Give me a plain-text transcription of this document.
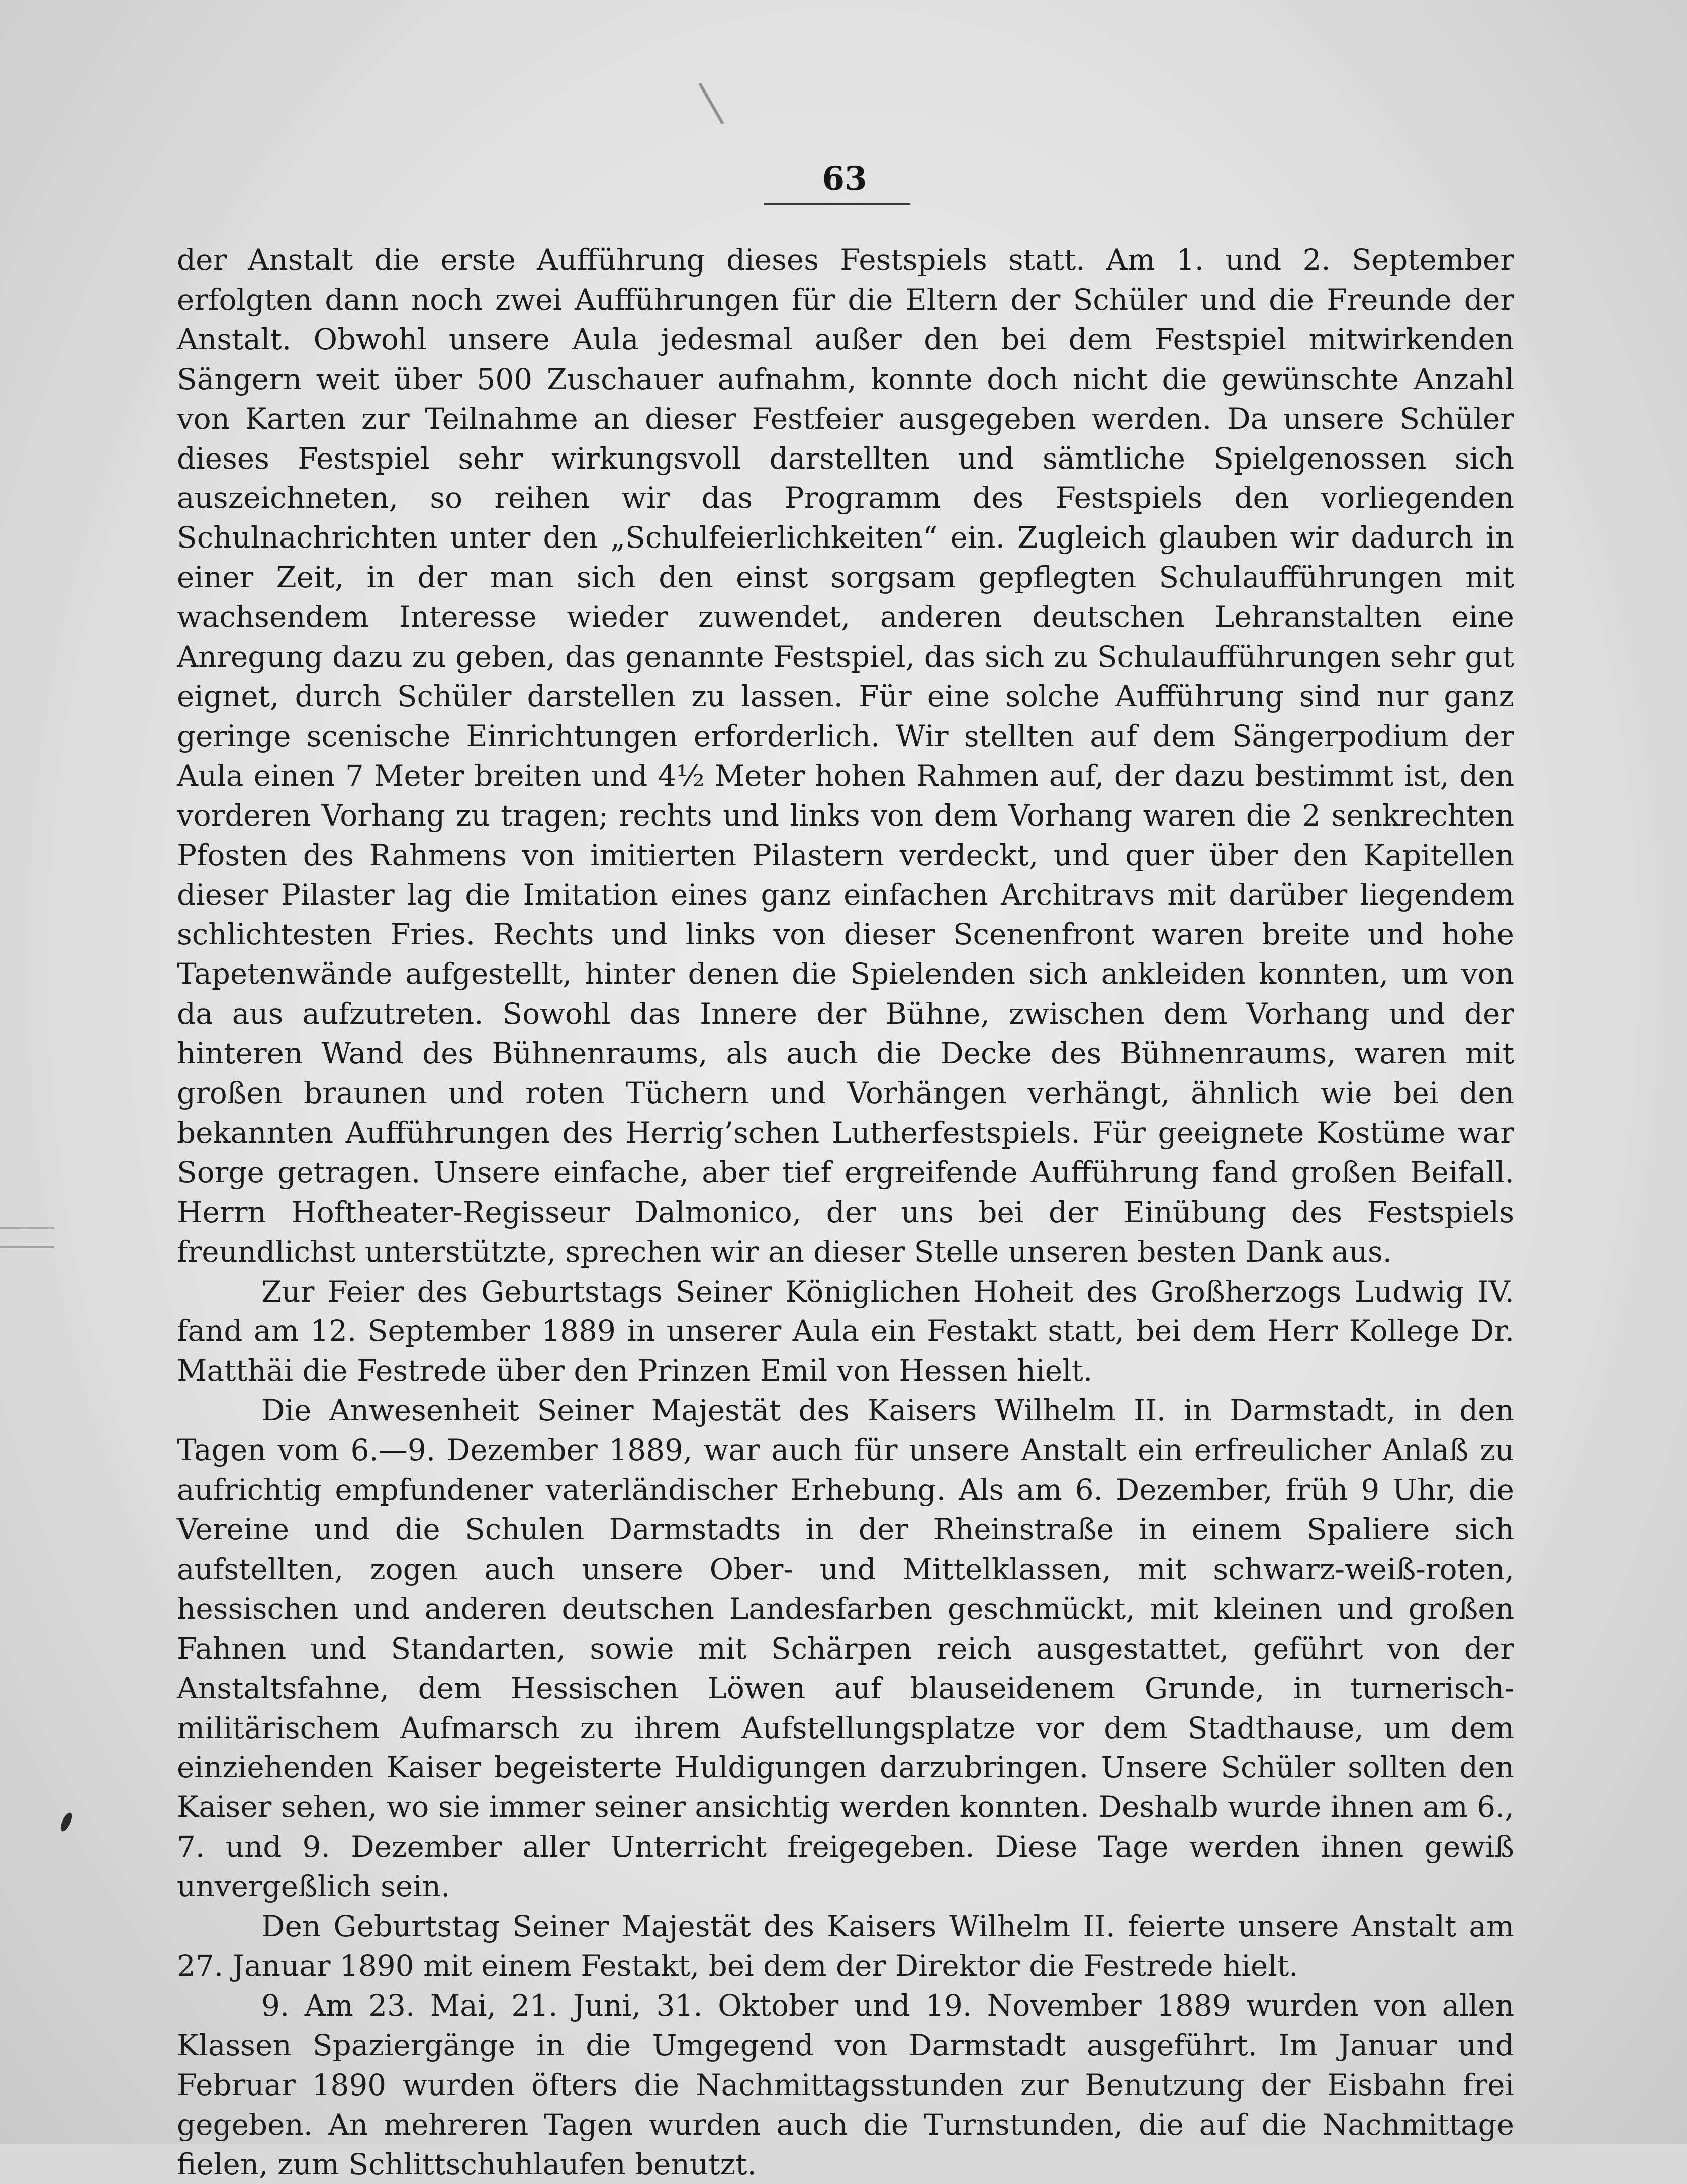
63

der Anstalt die erste Aufführung dieses Festspiels statt. Am 1. und 2. September erfolgten dann noch zwei Aufführungen für die Eltern der Schüler und die Freunde der Anstalt. Obwohl unsere Aula jedesmal außer den bei dem Festspiel mitwirkenden Sängern weit über 500 Zuschauer aufnahm, konnte doch nicht die gewünschte Anzahl von Karten zur Teilnahme an dieser Festfeier ausgegeben werden. Da unsere Schüler dieses Festspiel sehr wirkungsvoll darstellten und sämtliche Spielgenossen sich auszeichneten, so reihen wir das Programm des Festspiels den vorliegenden Schulnachrichten unter den „Schulfeierlichkeiten“ ein. Zugleich glauben wir dadurch in einer Zeit, in der man sich den einst sorgsam gepflegten Schulaufführungen mit wachsendem Interesse wieder zuwendet, anderen deutschen Lehranstalten eine Anregung dazu zu geben, das genannte Festspiel, das sich zu Schulaufführungen sehr gut eignet, durch Schüler darstellen zu lassen. Für eine solche Aufführung sind nur ganz geringe scenische Einrichtungen erforderlich. Wir stellten auf dem Sängerpodium der Aula einen 7 Meter breiten und 4½ Meter hohen Rahmen auf, der dazu bestimmt ist, den vorderen Vorhang zu tragen; rechts und links von dem Vorhang waren die 2 senkrechten Pfosten des Rahmens von imitierten Pilastern verdeckt, und quer über den Kapitellen dieser Pilaster lag die Imitation eines ganz einfachen Architravs mit darüber liegendem schlichtesten Fries. Rechts und links von dieser Scenenfront waren breite und hohe Tapetenwände aufgestellt, hinter denen die Spielenden sich ankleiden konnten, um von da aus aufzutreten. Sowohl das Innere der Bühne, zwischen dem Vorhang und der hinteren Wand des Bühnenraums, als auch die Decke des Bühnenraums, waren mit großen braunen und roten Tüchern und Vorhängen verhängt, ähnlich wie bei den bekannten Aufführungen des Herrig’schen Lutherfestspiels. Für geeignete Kostüme war Sorge getragen. Unsere einfache, aber tief ergreifende Aufführung fand großen Beifall. Herrn Hoftheater-Regisseur Dalmonico, der uns bei der Einübung des Festspiels freundlichst unterstützte, sprechen wir an dieser Stelle unseren besten Dank aus.

Zur Feier des Geburtstags Seiner Königlichen Hoheit des Großherzogs Ludwig IV. fand am 12. September 1889 in unserer Aula ein Festakt statt, bei dem Herr Kollege Dr. Matthäi die Festrede über den Prinzen Emil von Hessen hielt.

Die Anwesenheit Seiner Majestät des Kaisers Wilhelm II. in Darmstadt, in den Tagen vom 6.—9. Dezember 1889, war auch für unsere Anstalt ein erfreulicher Anlaß zu aufrichtig empfundener vaterländischer Erhebung. Als am 6. Dezember, früh 9 Uhr, die Vereine und die Schulen Darmstadts in der Rheinstraße in einem Spaliere sich aufstellten, zogen auch unsere Ober- und Mittelklassen, mit schwarz-weiß-roten, hessischen und anderen deutschen Landesfarben geschmückt, mit kleinen und großen Fahnen und Standarten, sowie mit Schärpen reich ausgestattet, geführt von der Anstaltsfahne, dem Hessischen Löwen auf blauseidenem Grunde, in turnerisch-militärischem Aufmarsch zu ihrem Aufstellungsplatze vor dem Stadthause, um dem einziehenden Kaiser begeisterte Huldigungen darzubringen. Unsere Schüler sollten den Kaiser sehen, wo sie immer seiner ansichtig werden konnten. Deshalb wurde ihnen am 6., 7. und 9. Dezember aller Unterricht freigegeben. Diese Tage werden ihnen gewiß unvergeßlich sein.

Den Geburtstag Seiner Majestät des Kaisers Wilhelm II. feierte unsere Anstalt am 27. Januar 1890 mit einem Festakt, bei dem der Direktor die Festrede hielt.

9. Am 23. Mai, 21. Juni, 31. Oktober und 19. November 1889 wurden von allen Klassen Spaziergänge in die Umgegend von Darmstadt ausgeführt. Im Januar und Februar 1890 wurden öfters die Nachmittagsstunden zur Benutzung der Eisbahn frei gegeben. An mehreren Tagen wurden auch die Turnstunden, die auf die Nachmittage fielen, zum Schlittschuhlaufen benutzt.
